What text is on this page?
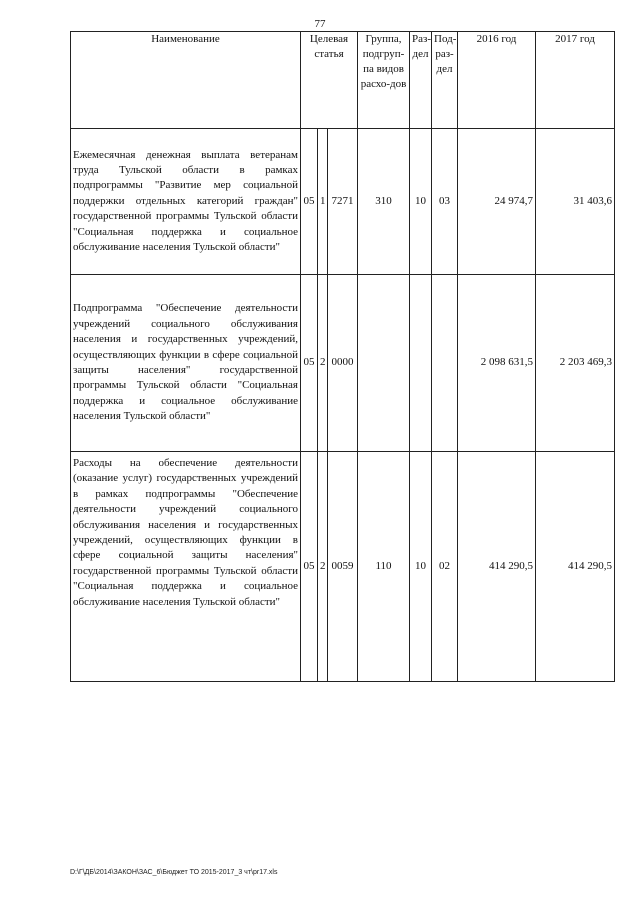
77
Наименование	Целевая статья			Группа, подгруп-па видов расхо-дов	Раз-дел	Под-раз-дел	2016 год	2017 год
Ежемесячная денежная выплата ветеранам труда Тульской области в рамках подпрограммы "Развитие мер социальной поддержки отдельных категорий граждан" государственной программы Тульской области "Социальная поддержка и социальное обслуживание населения Тульской области"	05	1	7271	310	10	03	24 974,7	31 403,6
Подпрограмма "Обеспечение деятельности учреждений социального обслуживания населения и государственных учреждений, осуществляющих функции в сфере социальной защиты населения" государственной программы Тульской области "Социальная поддержка и социальное обслуживание населения Тульской области"	05	2	0000				2 098 631,5	2 203 469,3
Расходы на обеспечение деятельности (оказание услуг) государственных учреждений в рамках подпрограммы "Обеспечение деятельности учреждений социального обслуживания населения и государственных учреждений, осуществляющих функции в сфере социальной защиты населения" государственной программы Тульской области "Социальная поддержка и социальное обслуживание населения Тульской области"	05	2	0059	110	10	02	414 290,5	414 290,5
D:\Г\ДБ\2014\ЗАКОН\ЗАС_6\Бюджет ТО 2015-2017_3 чт\pr17.xls
